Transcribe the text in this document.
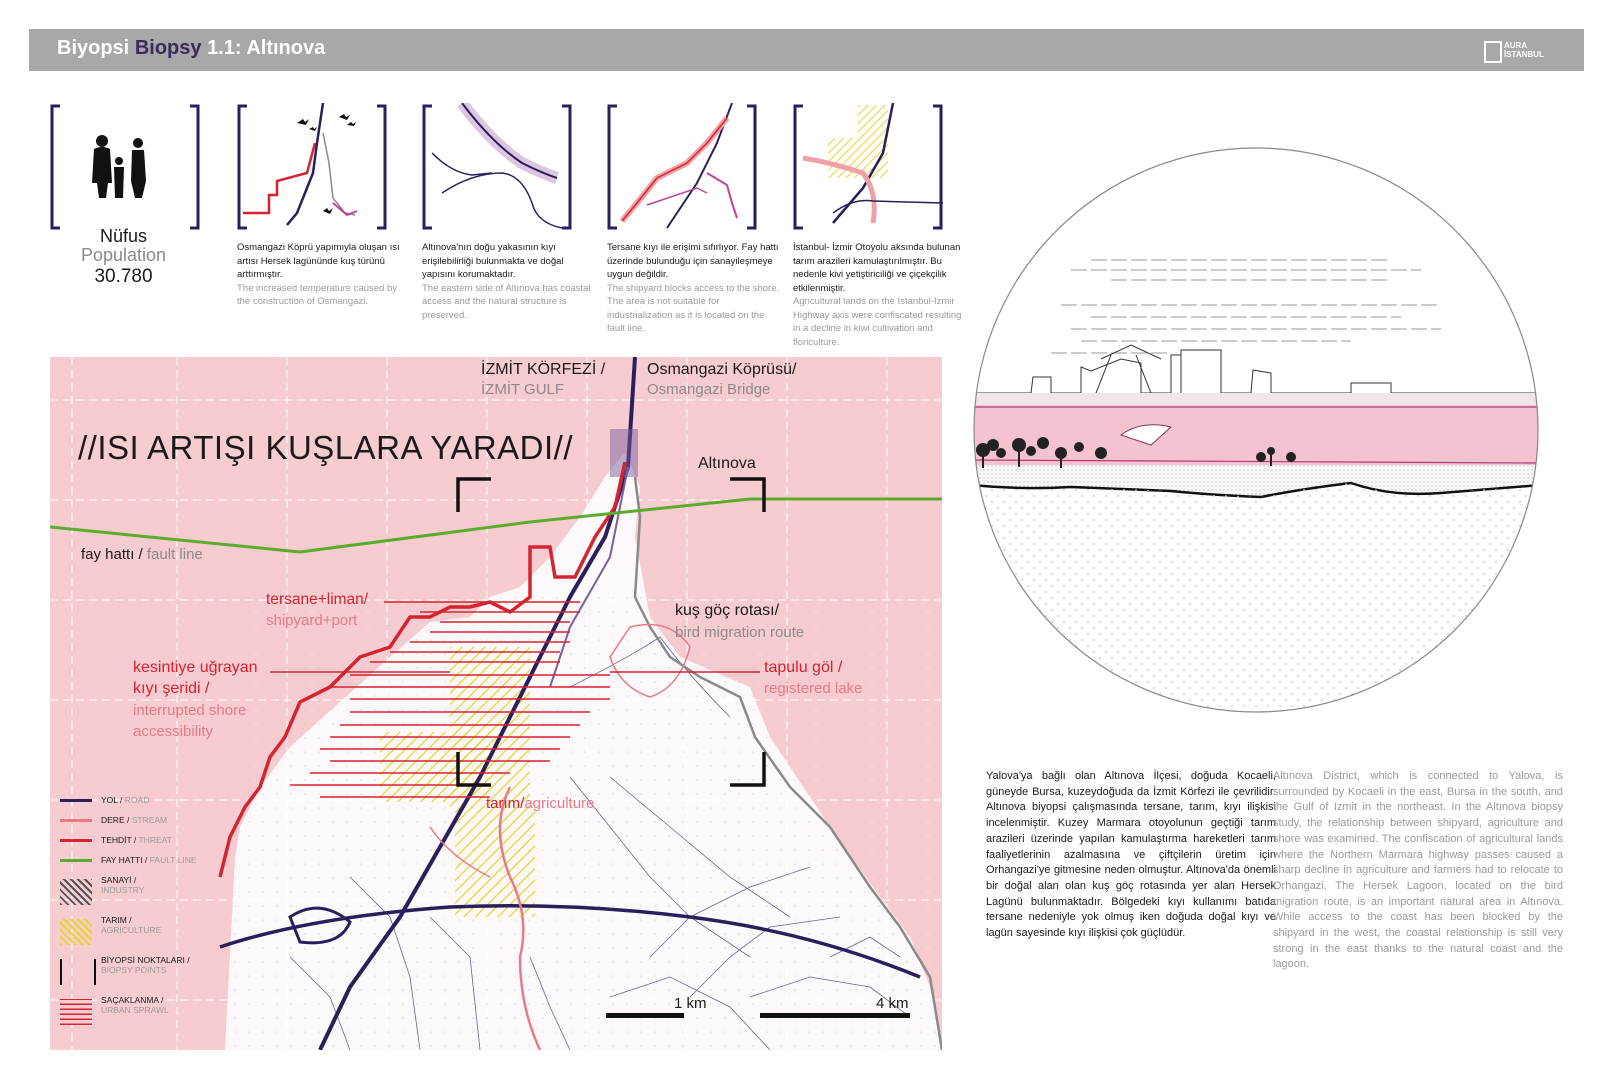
Biyopsi Biopsy 1.1: Altınova	AURA
İSTANBUL
Nüfus
Population
30.780
Osmangazi Köprü yapımıyla oluşan ısı artısı Hersek lagününde kuş türünü arttırmıştır.
The increased temperature caused by the construction of Osmangazi.
Altınova'nın doğu yakasının kıyı erişilebilirliği bulunmakta ve doğal yapısını korumaktadır.
The eastern side of Altınova has coastal access and the natural structure is preserved.
Tersane kıyı ile erişimi sıfırlıyor. Fay hattı üzerinde bulunduğu için sanayileşmeye uygun değildir.
The shipyard blocks access to the shore. The area is not suitable for industrialization as it is located on the fault line.
İstanbul- İzmir Otoyolu aksında bulunan tarım arazileri kamulaştırılmıştır. Bu nedenle kivi yetiştiriciliği ve çiçekçilik etkilenmiştir.
Agricultural lands on the Istanbul-Izmir Highway axis were confiscated resulting in a decline in kiwi cultivation and floriculture.
İZMİT KÖRFEZİ /
İZMİT GULF
Osmangazi Köprüsü/
Osmangazi Bridge
//ISI ARTIŞI KUŞLARA YARADI//	Altınova
fay hattı / fault line
tersane+liman/
shipyard+port
kesintiye uğrayan
kıyı şeridi /
interrupted shore
accessibility
kuş göç rotası/
bird migration route
tapulu göl /
registered lake
tarım/agriculture
1 km	4 km
YOL / ROAD
DERE / STREAM
TEHDİT / THREAT
FAY HATTI / FAULT LINE
SANAYİ /
INDUSTRY
TARIM /
AGRICULTURE
BİYOPSİ NOKTALARI /
BIOPSY POINTS
SAÇAKLANMA /
URBAN SPRAWL
Yalova'ya bağlı olan Altınova İlçesi, doğuda Kocaeli, güneyde Bursa, kuzeydoğuda da İzmit Körfezi ile çevrilidir. Altınova biyopsi çalışmasında tersane, tarım, kıyı ilişkisi incelenmiştir. Kuzey Marmara otoyolunun geçtiği tarım arazileri üzerinde yapılan kamulaştırma hareketleri tarım faaliyetlerinin azalmasına ve çiftçilerin üretim için Orhangazi'ye gitmesine neden olmuştur. Altınova'da önemli bir doğal alan olan kuş göç rotasında yer alan Hersek Lagünü bulunmaktadır. Bölgedeki kıyı kullanımı batıda tersane nedeniyle yok olmuş iken doğuda doğal kıyı ve lagün sayesinde kıyı ilişkisi çok güçlüdür.
Altınova District, which is connected to Yalova, is surrounded by Kocaeli in the east, Bursa in the south, and the Gulf of Izmit in the northeast. In the Altınova biopsy study, the relationship between shipyard, agriculture and shore was examined. The confiscation of agricultural lands where the Northern Marmara highway passes caused a sharp decline in agriculture and farmers had to relocate to Orhangazi. The Hersek Lagoon, located on the bird migration route, is an important natural area in Altınova. While access to the coast has been blocked by the shipyard in the west, the coastal relationship is still very strong in the east thanks to the natural coast and the lagoon.
